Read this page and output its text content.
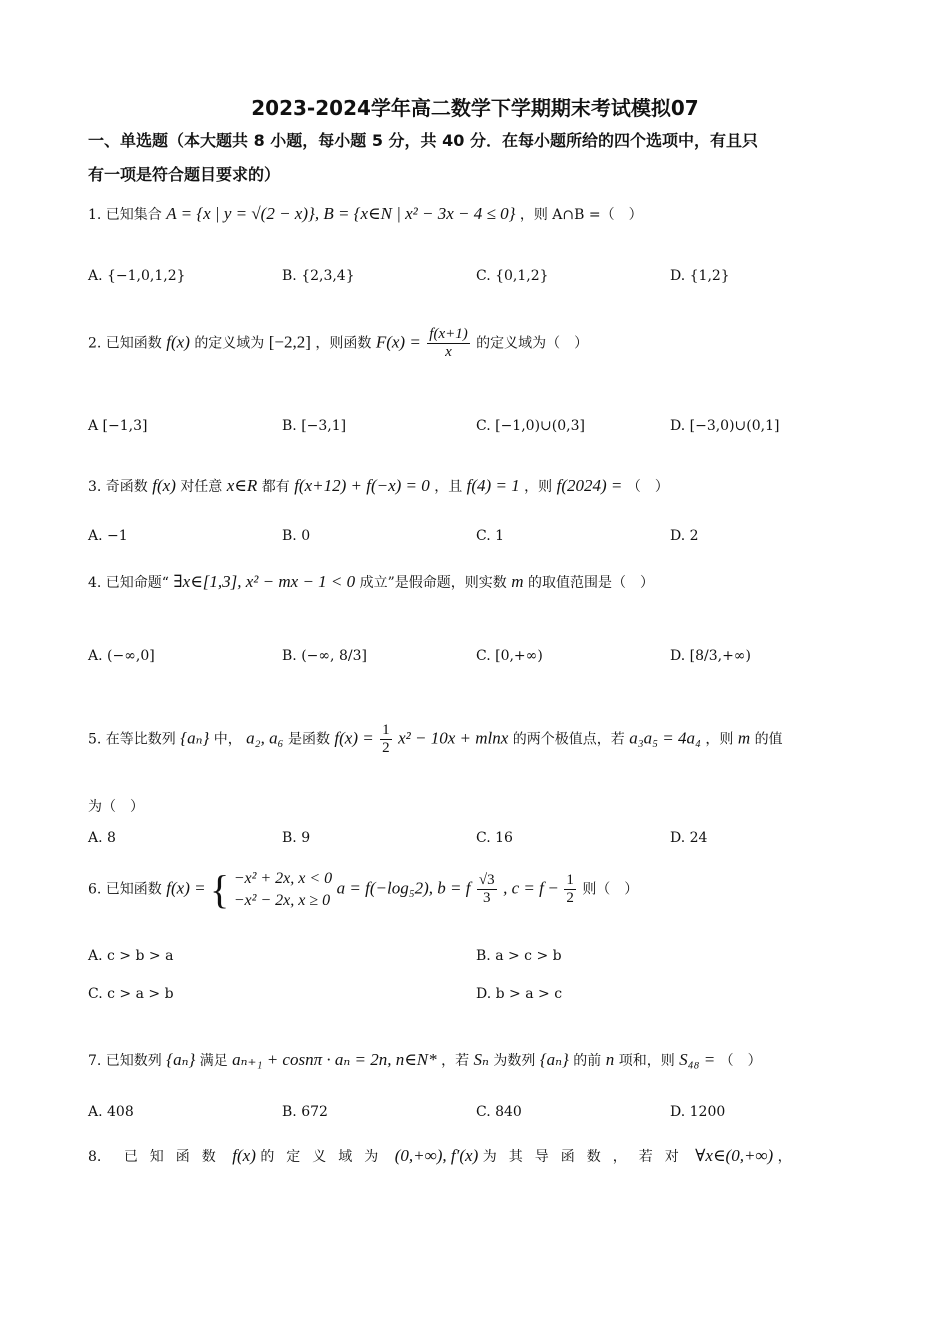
2023-2024学年高二数学下学期期末考试模拟07
一、单选题（本大题共 8 小题，每小题 5 分，共 40 分．在每小题所给的四个选项中，有且只
有一项是符合题目要求的）
1. 已知集合 A = {x | y = √(2 − x)}, B = {x∈N | x² − 3x − 4 ≤ 0} ，则 A∩B =（　）
A. {−1,0,1,2}	B. {2,3,4}	C. {0,1,2}	D. {1,2}
2. 已知函数 f(x) 的定义域为 [−2,2] ，则函数 $F(x) = \frac{f(x+1)}{x}$ 的定义域为（　）
A [−1,3]	B. [−3,1]	C. [−1,0)∪(0,3]	D. [−3,0)∪(0,1]
3. 奇函数 f(x) 对任意 x∈R 都有 f(x+12) + f(−x) = 0 ，且 f(4) = 1 ，则 f(2024) = （　）
A. −1	B. 0	C. 1	D. 2
4. 已知命题“ ∃x∈[1,3], x² − mx − 1 < 0 成立”是假命题，则实数 m 的取值范围是（　）
A. (−∞,0]	B. (−∞, 8/3]	C. [0,+∞)	D. [8/3,+∞)
5. 在等比数列 {aₙ} 中， a₂, a₆ 是函数 $f(x) = \frac{1}{2} x^2 - 10x + mlnx$ 的两个极值点，若 a₃a₅ = 4a₄ ，则 m 的值
为（　）
A. 8	B. 9	C. 16	D. 24
6. 已知函数 f(x) = { −x² + 2x, x < 0
−x² − 2x, x ≥ 0
a = f(−log₅2), b = f $\frac{√3}{3}$ , $c = f - \frac{1}{2}$ 则（　）
A. c > b > a	B. a > c > b
C. c > a > b	D. b > a > c
7. 已知数列 {aₙ} 满足 aₙ₊₁ + cosnπ · aₙ = 2n, n∈N* ，若 Sₙ 为数列 {aₙ} 的前 n 项和，则 S₄₈ = （　）
A. 408	B. 672	C. 840	D. 1200
8. 已知函数 f(x) 的定义域为 (0,+∞), f′(x) 为其导函数，若对 ∀x∈(0,+∞) ，
